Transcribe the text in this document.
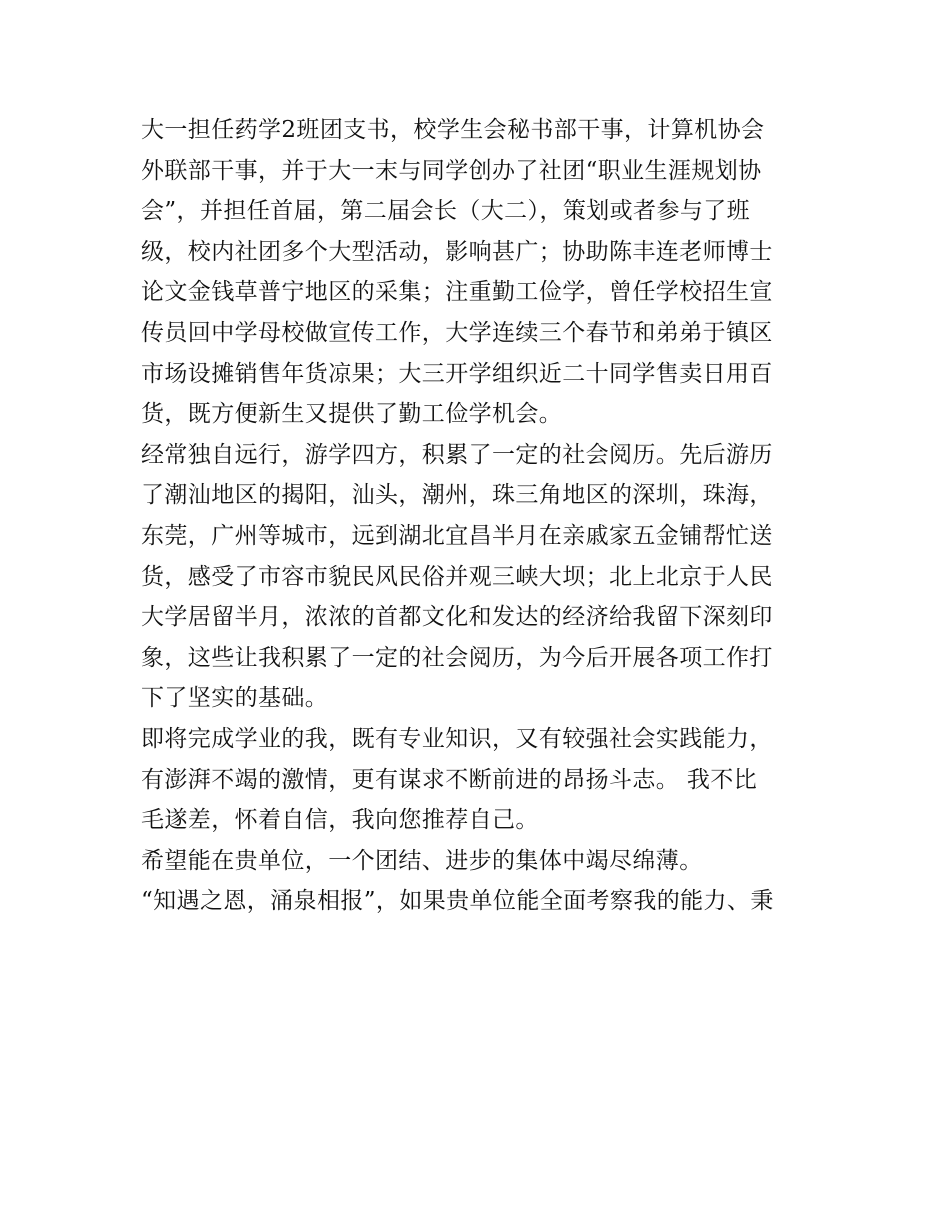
大一担任药学2班团支书，校学生会秘书部干事，计算机协会
外联部干事，并于大一末与同学创办了社团“职业生涯规划协
会”，并担任首届，第二届会长（大二），策划或者参与了班
级，校内社团多个大型活动，影响甚广；协助陈丰连老师博士
论文金钱草普宁地区的采集；注重勤工俭学，曾任学校招生宣
传员回中学母校做宣传工作，大学连续三个春节和弟弟于镇区
市场设摊销售年货凉果；大三开学组织近二十同学售卖日用百
货，既方便新生又提供了勤工俭学机会。
经常独自远行，游学四方，积累了一定的社会阅历。先后游历
了潮汕地区的揭阳，汕头，潮州，珠三角地区的深圳，珠海，
东莞，广州等城市，远到湖北宜昌半月在亲戚家五金铺帮忙送
货，感受了市容市貌民风民俗并观三峡大坝；北上北京于人民
大学居留半月，浓浓的首都文化和发达的经济给我留下深刻印
象，这些让我积累了一定的社会阅历，为今后开展各项工作打
下了坚实的基础。
即将完成学业的我，既有专业知识，又有较强社会实践能力，
有澎湃不竭的激情，更有谋求不断前进的昂扬斗志。 我不比
毛遂差，怀着自信，我向您推荐自己。
希望能在贵单位，一个团结、进步的集体中竭尽绵薄。
“知遇之恩，涌泉相报”，如果贵单位能全面考察我的能力、秉
